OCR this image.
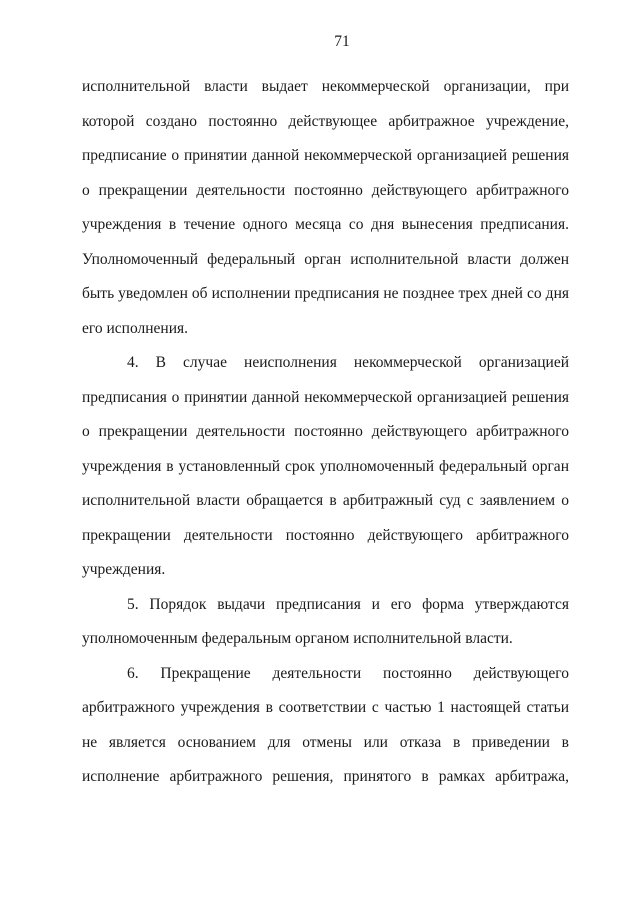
71

исполнительной власти выдает некоммерческой организации, при которой создано постоянно действующее арбитражное учреждение, предписание о принятии данной некоммерческой организацией решения о прекращении деятельности постоянно действующего арбитражного учреждения в течение одного месяца со дня вынесения предписания. Уполномоченный федеральный орган исполнительной власти должен быть уведомлен об исполнении предписания не позднее трех дней со дня его исполнения.

4. В случае неисполнения некоммерческой организацией предписания о принятии данной некоммерческой организацией решения о прекращении деятельности постоянно действующего арбитражного учреждения в установленный срок уполномоченный федеральный орган исполнительной власти обращается в арбитражный суд с заявлением о прекращении деятельности постоянно действующего арбитражного учреждения.

5. Порядок выдачи предписания и его форма утверждаются уполномоченным федеральным органом исполнительной власти.

6. Прекращение деятельности постоянно действующего арбитражного учреждения в соответствии с частью 1 настоящей статьи не является основанием для отмены или отказа в приведении в исполнение арбитражного решения, принятого в рамках арбитража,
